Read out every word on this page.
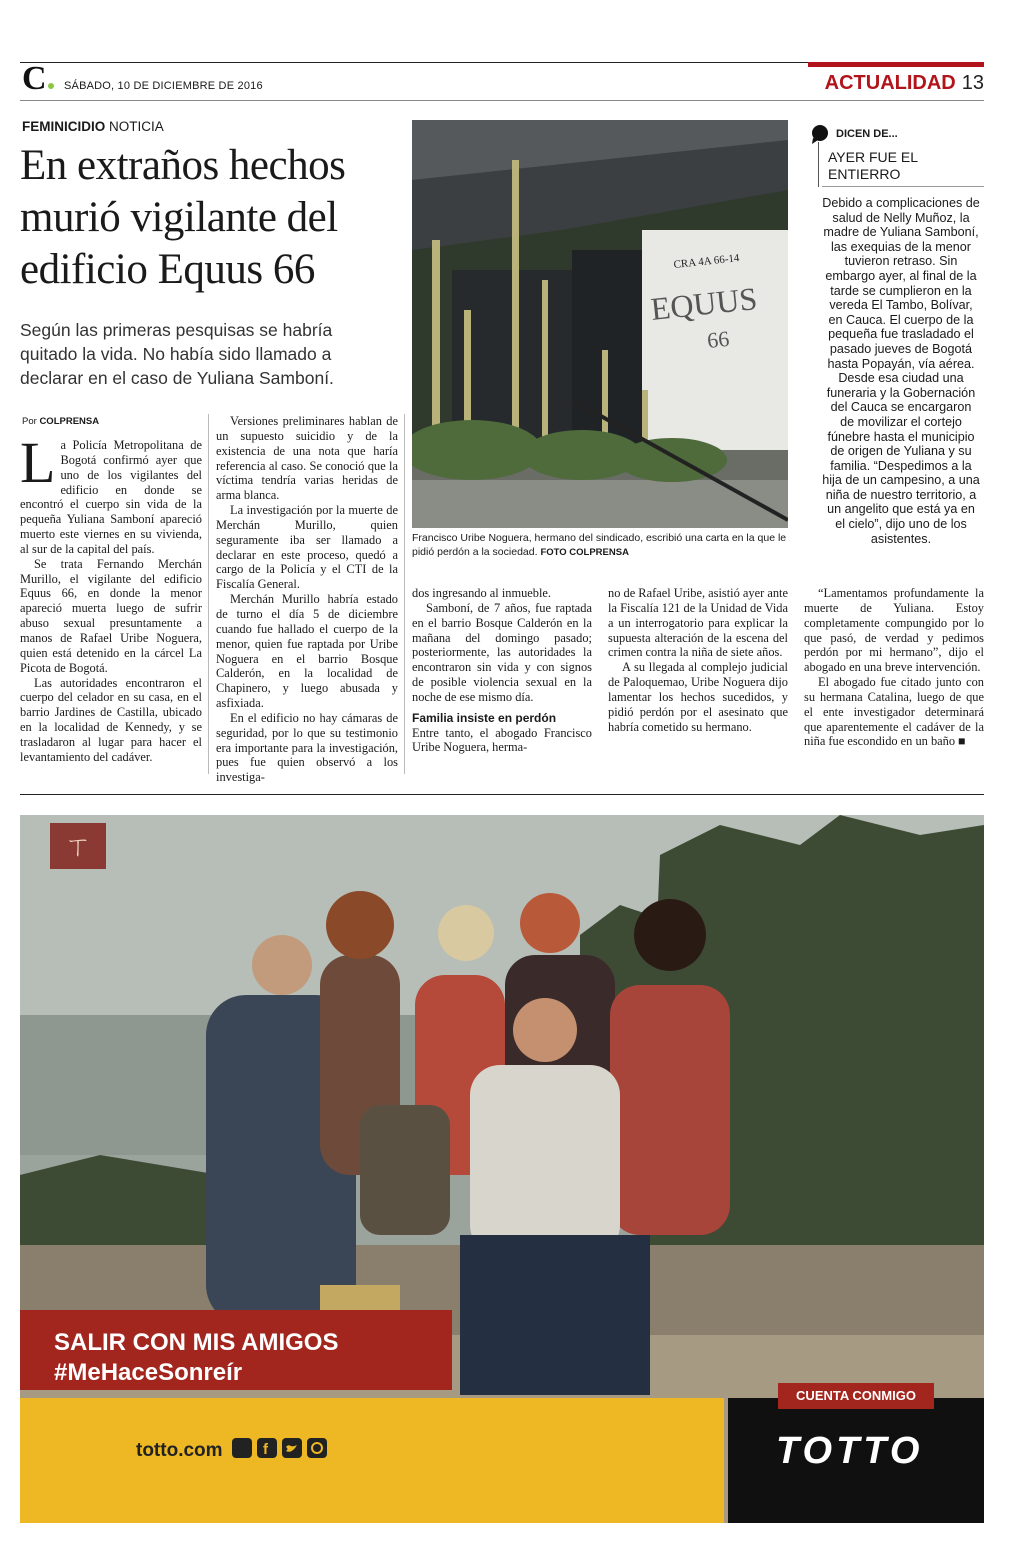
C	SÁBADO, 10 DE DICIEMBRE DE 2016	ACTUALIDAD 13
FEMINICIDIO NOTICIA
En extraños hechos
murió vigilante del
edificio Equus 66
Según las primeras pesquisas se habría
quitado la vida. No había sido llamado a
declarar en el caso de Yuliana Samboní.
Por COLPRENSA

La Policía Metropolitana de Bogotá confirmó ayer que uno de los vigilantes del edificio en donde se encontró el cuerpo sin vida de la pequeña Yuliana Samboní apareció muerto este viernes en su vivienda, al sur de la capital del país.

Se trata Fernando Merchán Murillo, el vigilante del edificio Equus 66, en donde la menor apareció muerta luego de sufrir abuso sexual presuntamente a manos de Rafael Uribe Noguera, quien está detenido en la cárcel La Picota de Bogotá.

Las autoridades encontraron el cuerpo del celador en su casa, en el barrio Jardines de Castilla, ubicado en la localidad de Kennedy, y se trasladaron al lugar para hacer el levantamiento del cadáver.

Versiones preliminares hablan de un supuesto suicidio y de la existencia de una nota que haría referencia al caso. Se conoció que la víctima tendría varias heridas de arma blanca.

La investigación por la muerte de Merchán Murillo, quien seguramente iba ser llamado a declarar en este proceso, quedó a cargo de la Policía y el CTI de la Fiscalía General.

Merchán Murillo habría estado de turno el día 5 de diciembre cuando fue hallado el cuerpo de la menor, quien fue raptada por Uribe Noguera en el barrio Bosque Calderón, en la localidad de Chapinero, y luego abusada y asfixiada.

En el edificio no hay cámaras de seguridad, por lo que su testimonio era importante para la investigación, pues fue quien observó a los investiga-

dos ingresando al inmueble.

Samboní, de 7 años, fue raptada en el barrio Bosque Calderón en la mañana del domingo pasado; posteriormente, las autoridades la encontraron sin vida y con signos de posible violencia sexual en la noche de ese mismo día.

Familia insiste en perdón

Entre tanto, el abogado Francisco Uribe Noguera, herma-

no de Rafael Uribe, asistió ayer ante la Fiscalía 121 de la Unidad de Vida a un interrogatorio para explicar la supuesta alteración de la escena del crimen contra la niña de siete años.

A su llegada al complejo judicial de Paloquemao, Uribe Noguera dijo lamentar los hechos sucedidos, y pidió perdón por el asesinato que habría cometido su hermano.

“Lamentamos profundamente la muerte de Yuliana. Estoy completamente compungido por lo que pasó, de verdad y pedimos perdón por mi hermano”, dijo el abogado en una breve intervención.

El abogado fue citado junto con su hermana Catalina, luego de que el ente investigador determinará que aparentemente el cadáver de la niña fue escondido en un baño ■

CRA 4A 66-14
EQUUS
66
Francisco Uribe Noguera, hermano del sindicado, escribió una carta en la que le pidió perdón a la sociedad. FOTO COLPRENSA
DICEN DE...
AYER FUE EL
ENTIERRO
Debido a complicaciones de salud de Nelly Muñoz, la madre de Yuliana Samboní, las exequias de la menor tuvieron retraso. Sin embargo ayer, al final de la tarde se cumplieron en la vereda El Tambo, Bolívar, en Cauca. El cuerpo de la pequeña fue trasladado el pasado jueves de Bogotá hasta Popayán, vía aérea. Desde esa ciudad una funeraria y la Gobernación del Cauca se encargaron de movilizar el cortejo fúnebre hasta el municipio de origen de Yuliana y su familia. “Despedimos a la hija de un campesino, a una niña de nuestro territorio, a un angelito que está ya en el cielo”, dijo uno de los asistentes.
ㄒ
SALIR CON MIS AMIGOS
#MeHaceSonreír
totto.com	f
CUENTA CONMIGO
TOTTO
